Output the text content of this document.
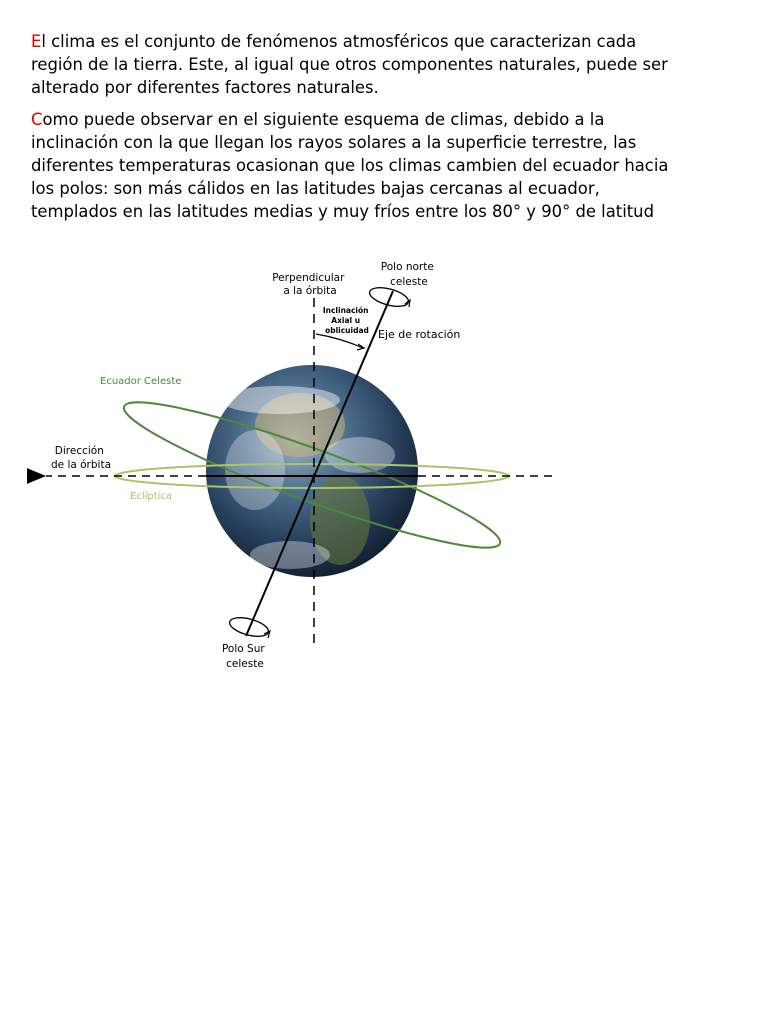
El clima es el conjunto de fenómenos atmosféricos que caracterizan cada
región de la tierra. Este, al igual que otros componentes naturales, puede ser
alterado por diferentes factores naturales.

Como puede observar en el siguiente esquema de climas, debido a la
inclinación con la que llegan los rayos solares a la superficie terrestre, las
diferentes temperaturas ocasionan que los climas cambien del ecuador hacia
los polos: son más cálidos en las latitudes bajas cercanas al ecuador,
templados en las latitudes medias y muy fríos entre los 80° y 90° de latitud

Perpendicular a la órbita
Polo norte celeste
Inclinación Axial u oblicuidad Eje de rotación
Ecuador Celeste
Dirección de la órbita
Eclíptica
Polo Sur celeste
